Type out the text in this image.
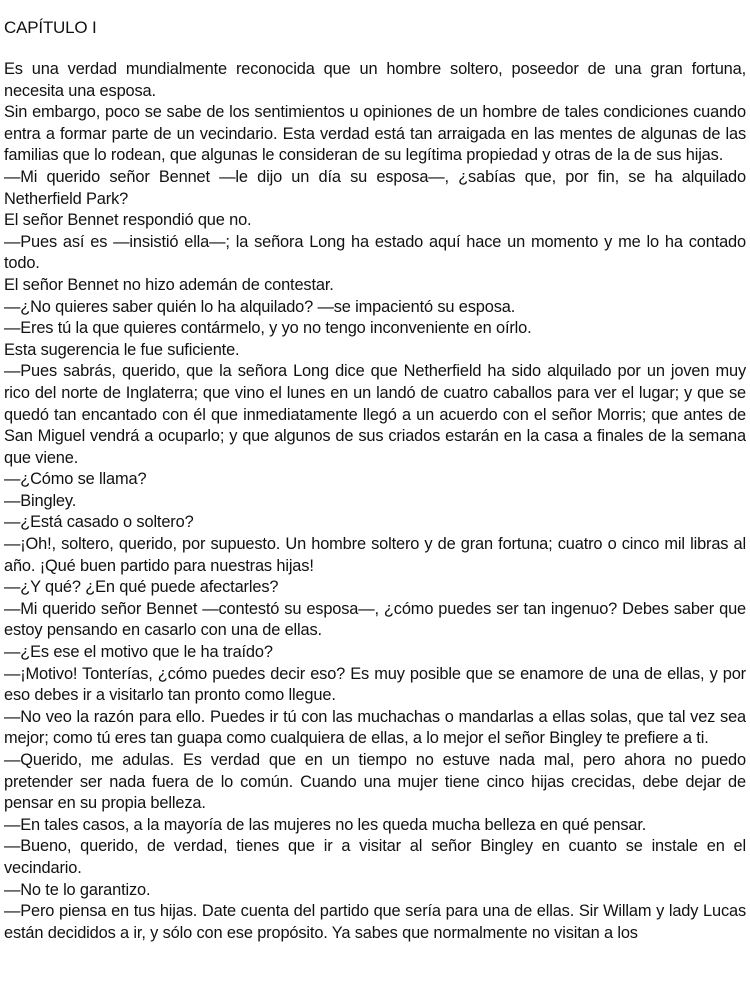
CAPÍTULO I

Es una verdad mundialmente reconocida que un hombre soltero, poseedor de una gran fortuna, necesita una esposa.

Sin embargo, poco se sabe de los sentimientos u opiniones de un hombre de tales condiciones cuando entra a formar parte de un vecindario. Esta verdad está tan arraigada en las mentes de algunas de las familias que lo rodean, que algunas le consideran de su legítima propiedad y otras de la de sus hijas.

—Mi querido señor Bennet —le dijo un día su esposa—, ¿sabías que, por fin, se ha alquilado Netherfield Park?

El señor Bennet respondió que no.

—Pues así es —insistió ella—; la señora Long ha estado aquí hace un momento y me lo ha contado todo.

El señor Bennet no hizo ademán de contestar.

—¿No quieres saber quién lo ha alquilado? —se impacientó su esposa.

—Eres tú la que quieres contármelo, y yo no tengo inconveniente en oírlo.

Esta sugerencia le fue suficiente.

—Pues sabrás, querido, que la señora Long dice que Netherfield ha sido alquilado por un joven muy rico del norte de Inglaterra; que vino el lunes en un landó de cuatro caballos para ver el lugar; y que se quedó tan encantado con él que inmediatamente llegó a un acuerdo con el señor Morris; que antes de San Miguel vendrá a ocuparlo; y que algunos de sus criados estarán en la casa a finales de la semana que viene.

—¿Cómo se llama?

—Bingley.

—¿Está casado o soltero?

—¡Oh!, soltero, querido, por supuesto. Un hombre soltero y de gran fortuna; cuatro o cinco mil libras al año. ¡Qué buen partido para nuestras hijas!

—¿Y qué? ¿En qué puede afectarles?

—Mi querido señor Bennet —contestó su esposa—, ¿cómo puedes ser tan ingenuo? Debes saber que estoy pensando en casarlo con una de ellas.

—¿Es ese el motivo que le ha traído?

—¡Motivo! Tonterías, ¿cómo puedes decir eso? Es muy posible que se enamore de una de ellas, y por eso debes ir a visitarlo tan pronto como llegue.

—No veo la razón para ello. Puedes ir tú con las muchachas o mandarlas a ellas solas, que tal vez sea mejor; como tú eres tan guapa como cualquiera de ellas, a lo mejor el señor Bingley te prefiere a ti.

—Querido, me adulas. Es verdad que en un tiempo no estuve nada mal, pero ahora no puedo pretender ser nada fuera de lo común. Cuando una mujer tiene cinco hijas crecidas, debe dejar de pensar en su propia belleza.

—En tales casos, a la mayoría de las mujeres no les queda mucha belleza en qué pensar.

—Bueno, querido, de verdad, tienes que ir a visitar al señor Bingley en cuanto se instale en el vecindario.

—No te lo garantizo.

—Pero piensa en tus hijas. Date cuenta del partido que sería para una de ellas. Sir Willam y lady Lucas están decididos a ir, y sólo con ese propósito. Ya sabes que normalmente no visitan a los
